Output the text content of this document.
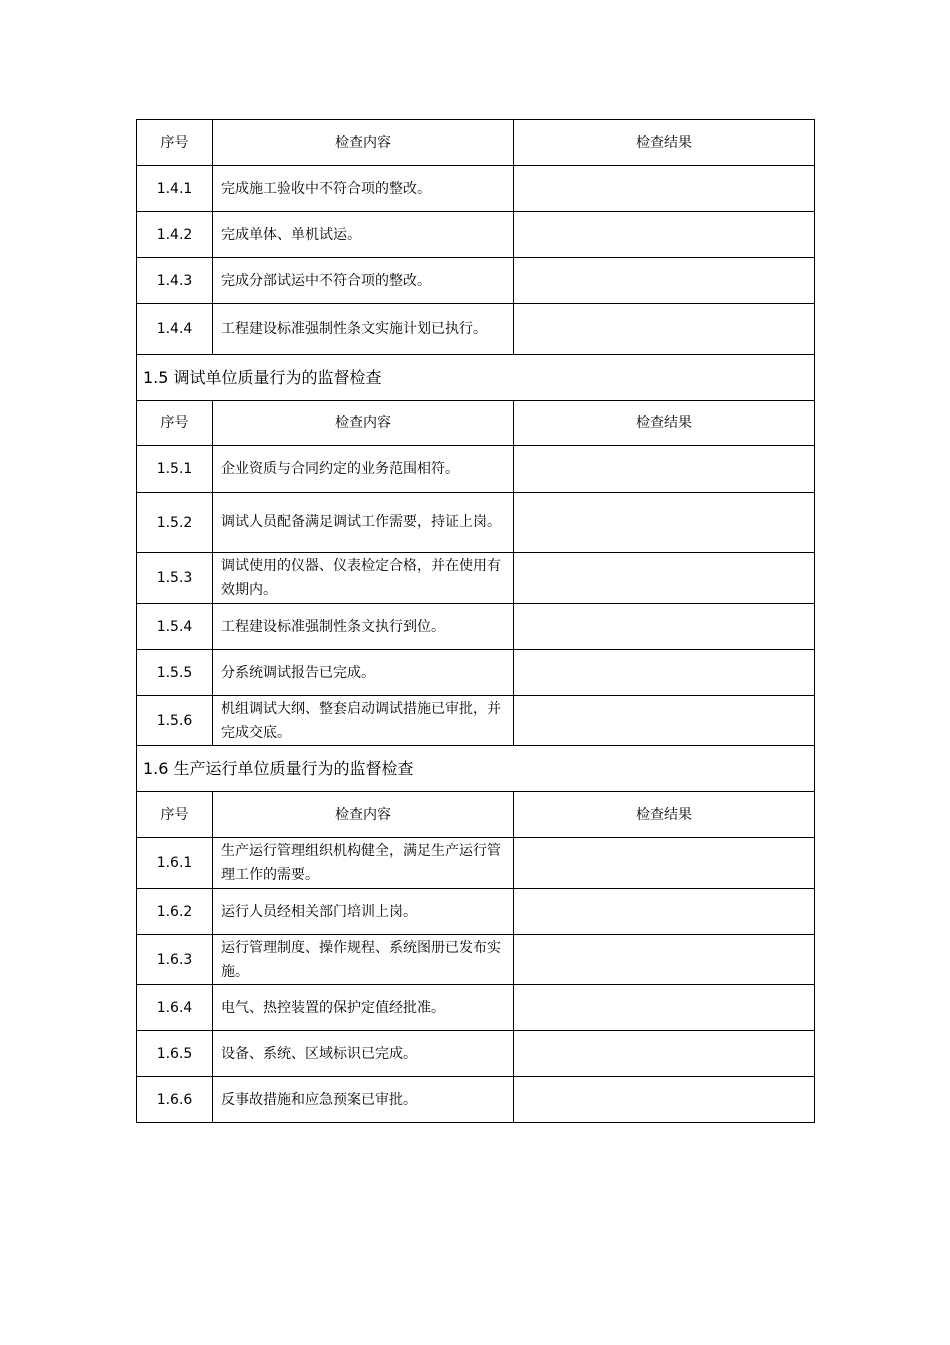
序号	检查内容	检查结果
1.4.1	完成施工验收中不符合项的整改。	
1.4.2	完成单体、单机试运。	
1.4.3	完成分部试运中不符合项的整改。	
1.4.4	工程建设标准强制性条文实施计划已执行。	
1.5 调试单位质量行为的监督检查		
序号	检查内容	检查结果
1.5.1	企业资质与合同约定的业务范围相符。	
1.5.2	调试人员配备满足调试工作需要，持证上岗。	
1.5.3	调试使用的仪器、仪表检定合格，并在使用有效期内。	
1.5.4	工程建设标准强制性条文执行到位。	
1.5.5	分系统调试报告已完成。	
1.5.6	机组调试大纲、整套启动调试措施已审批，并完成交底。	
1.6 生产运行单位质量行为的监督检查		
序号	检查内容	检查结果
1.6.1	生产运行管理组织机构健全，满足生产运行管理工作的需要。	
1.6.2	运行人员经相关部门培训上岗。	
1.6.3	运行管理制度、操作规程、系统图册已发布实施。	
1.6.4	电气、热控装置的保护定值经批准。	
1.6.5	设备、系统、区域标识已完成。	
1.6.6	反事故措施和应急预案已审批。	
